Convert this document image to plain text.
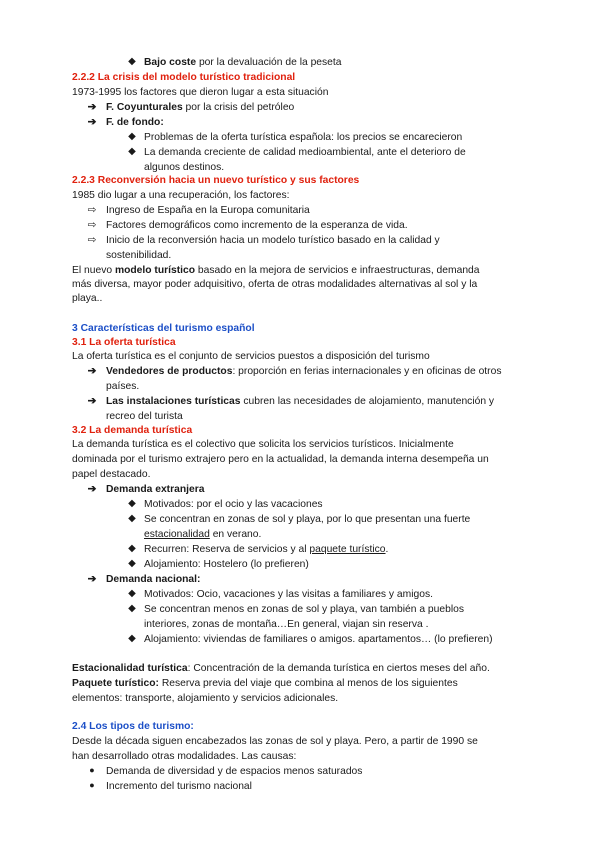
◆ Bajo coste por la devaluación de la peseta
2.2.2 La crisis del modelo turístico tradicional
1973-1995 los factores que dieron lugar a esta situación
➔ F. Coyunturales por la crisis del petróleo
➔ F. de fondo:
◆ Problemas de la oferta turística española: los precios se encarecieron
◆ La demanda creciente de calidad medioambiental, ante el deterioro de
algunos destinos.
2.2.3 Reconversión hacia un nuevo turístico y sus factores
1985 dio lugar a una recuperación, los factores:
⇨ Ingreso de España en la Europa comunitaria
⇨ Factores demográficos como incremento de la esperanza de vida.
⇨ Inicio de la reconversión hacia un modelo turístico basado en la calidad y
sostenibilidad.
El nuevo modelo turístico basado en la mejora de servicios e infraestructuras, demanda
más diversa, mayor poder adquisitivo, oferta de otras modalidades alternativas al sol y la
playa..
3 Características del turismo español
3.1 La oferta turística
La oferta turística es el conjunto de servicios puestos a disposición del turismo
➔ Vendedores de productos: proporción en ferias internacionales y en oficinas de otros
países.
➔ Las instalaciones turísticas cubren las necesidades de alojamiento, manutención y
recreo del turista
3.2 La demanda turística
La demanda turística es el colectivo que solicita los servicios turísticos. Inicialmente
dominada por el turismo extrajero pero en la actualidad, la demanda interna desempeña un
papel destacado.
➔ Demanda extranjera
◆ Motivados: por el ocio y las vacaciones
◆ Se concentran en zonas de sol y playa, por lo que presentan una fuerte
estacionalidad en verano.
◆ Recurren: Reserva de servicios y al paquete turístico.
◆ Alojamiento: Hostelero (lo prefieren)
➔ Demanda nacional:
◆ Motivados: Ocio, vacaciones y las visitas a familiares y amigos.
◆ Se concentran menos en zonas de sol y playa, van también a pueblos
interiores, zonas de montaña…En general, viajan sin reserva .
◆ Alojamiento: viviendas de familiares o amigos. apartamentos… (lo prefieren)
Estacionalidad turística: Concentración de la demanda turística en ciertos meses del año.
Paquete turístico: Reserva previa del viaje que combina al menos de los siguientes
elementos: transporte, alojamiento y servicios adicionales.
2.4 Los tipos de turismo:
Desde la década siguen encabezados las zonas de sol y playa. Pero, a partir de 1990 se
han desarrollado otras modalidades. Las causas:
●	Demanda de diversidad y de espacios menos saturados
●	Incremento del turismo nacional
